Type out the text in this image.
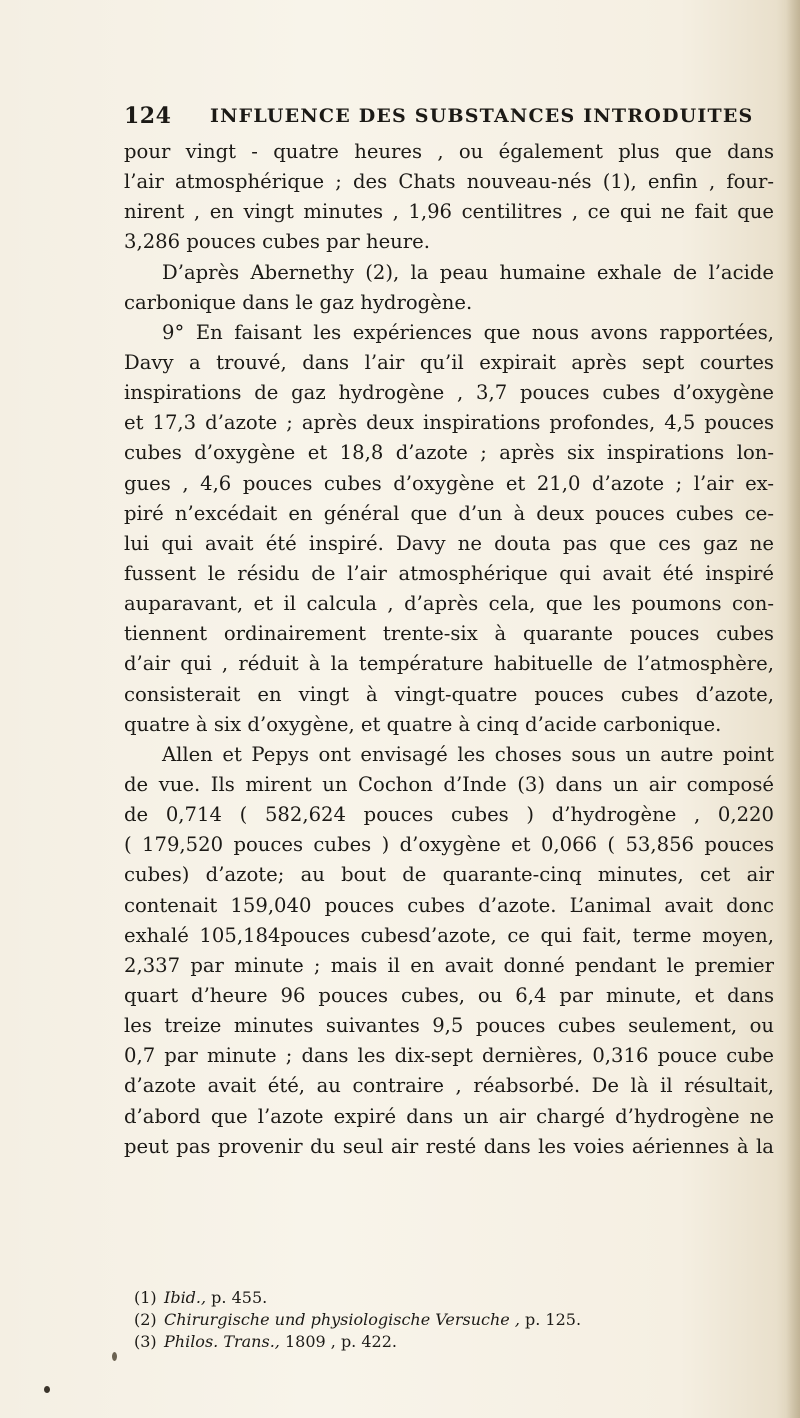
124 INFLUENCE DES SUBSTANCES INTRODUITES
pour vingt - quatre heures , ou également plus que dans
l’air atmosphérique ; des Chats nouveau-nés (1), enfin , four-
nirent , en vingt minutes , 1,96 centilitres , ce qui ne fait que
3,286 pouces cubes par heure.
D’après Abernethy (2), la peau humaine exhale de l’acide
carbonique dans le gaz hydrogène.
9° En faisant les expériences que nous avons rapportées,
Davy a trouvé, dans l’air qu’il expirait après sept courtes
inspirations de gaz hydrogène , 3,7 pouces cubes d’oxygène
et 17,3 d’azote ; après deux inspirations profondes, 4,5 pouces
cubes d’oxygène et 18,8 d’azote ; après six inspirations lon-
gues , 4,6 pouces cubes d’oxygène et 21,0 d’azote ; l’air ex-
piré n’excédait en général que d’un à deux pouces cubes ce-
lui qui avait été inspiré. Davy ne douta pas que ces gaz ne
fussent le résidu de l’air atmosphérique qui avait été inspiré
auparavant, et il calcula , d’après cela, que les poumons con-
tiennent ordinairement trente-six à quarante pouces cubes
d’air qui , réduit à la température habituelle de l’atmosphère,
consisterait en vingt à vingt-quatre pouces cubes d’azote,
quatre à six d’oxygène, et quatre à cinq d’acide carbonique.
Allen et Pepys ont envisagé les choses sous un autre point
de vue. Ils mirent un Cochon d’Inde (3) dans un air composé
de 0,714 ( 582,624 pouces cubes ) d’hydrogène , 0,220
( 179,520 pouces cubes ) d’oxygène et 0,066 ( 53,856 pouces
cubes) d’azote; au bout de quarante-cinq minutes, cet air
contenait 159,040 pouces cubes d’azote. L’animal avait donc
exhalé 105,184pouces cubesd’azote, ce qui fait, terme moyen,
2,337 par minute ; mais il en avait donné pendant le premier
quart d’heure 96 pouces cubes, ou 6,4 par minute, et dans
les treize minutes suivantes 9,5 pouces cubes seulement, ou
0,7 par minute ; dans les dix-sept dernières, 0,316 pouce cube
d’azote avait été, au contraire , réabsorbé. De là il résultait,
d’abord que l’azote expiré dans un air chargé d’hydrogène ne
peut pas provenir du seul air resté dans les voies aériennes à la
(1) Ibid., p. 455.
(2) Chirurgische und physiologische Versuche , p. 125.
(3) Philos. Trans., 1809 , p. 422.
